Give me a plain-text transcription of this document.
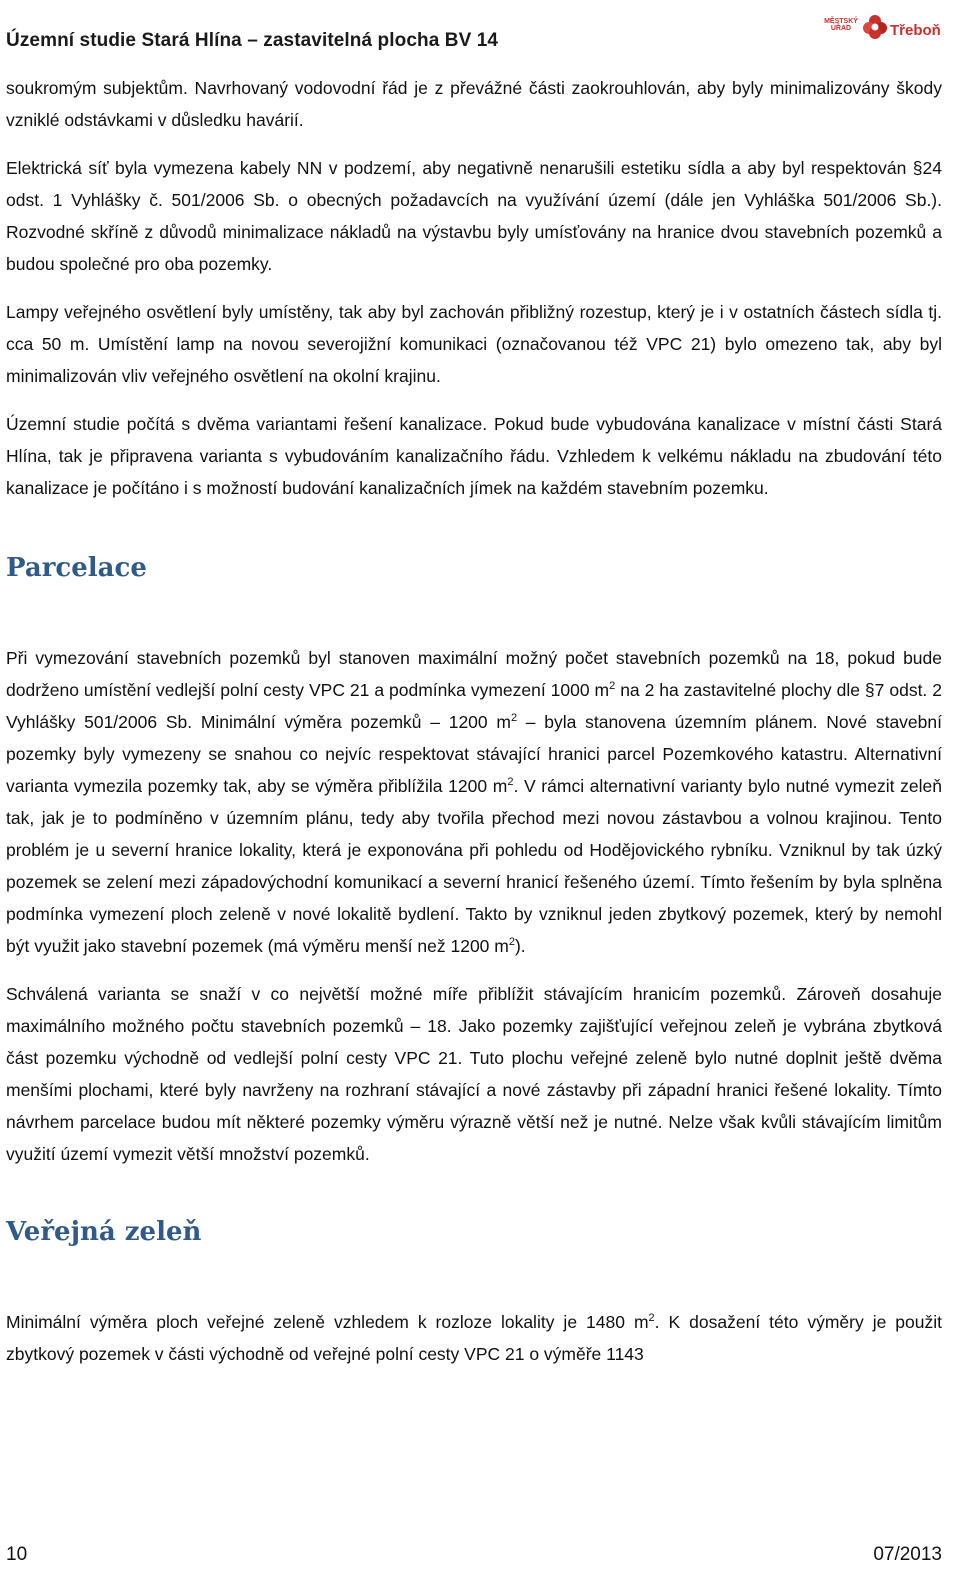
Územní studie Stará Hlína – zastavitelná plocha BV 14
MĚSTSKÝ ÚŘAD	Třeboň

soukromým subjektům. Navrhovaný vodovodní řád je z převážné části zaokrouhlován, aby byly minimalizovány škody vzniklé odstávkami v důsledku havárií.

Elektrická síť byla vymezena kabely NN v podzemí, aby negativně nenarušili estetiku sídla a aby byl respektován §24 odst. 1 Vyhlášky č. 501/2006 Sb. o obecných požadavcích na využívání území (dále jen Vyhláška 501/2006 Sb.). Rozvodné skříně z důvodů minimalizace nákladů na výstavbu byly umísťovány na hranice dvou stavebních pozemků a budou společné pro oba pozemky.

Lampy veřejného osvětlení byly umístěny, tak aby byl zachován přibližný rozestup, který je i v ostatních částech sídla tj. cca 50 m. Umístění lamp na novou severojižní komunikaci (označovanou též VPC 21) bylo omezeno tak, aby byl minimalizován vliv veřejného osvětlení na okolní krajinu.

Územní studie počítá s dvěma variantami řešení kanalizace. Pokud bude vybudována kanalizace v místní části Stará Hlína, tak je připravena varianta s vybudováním kanalizačního řádu. Vzhledem k velkému nákladu na zbudování této kanalizace je počítáno i s možností budování kanalizačních jímek na každém stavebním pozemku.

Parcelace

Při vymezování stavebních pozemků byl stanoven maximální možný počet stavebních pozemků na 18, pokud bude dodrženo umístění vedlejší polní cesty VPC 21 a podmínka vymezení 1000 $m^2$ na 2 ha zastavitelné plochy dle §7 odst. 2 Vyhlášky 501/2006 Sb. Minimální výměra pozemků – 1200 $m^2$ – byla stanovena územním plánem. Nové stavební pozemky byly vymezeny se snahou co nejvíc respektovat stávající hranici parcel Pozemkového katastru. Alternativní varianta vymezila pozemky tak, aby se výměra přiblížila 1200 $m^2$. V rámci alternativní varianty bylo nutné vymezit zeleň tak, jak je to podmíněno v územním plánu, tedy aby tvořila přechod mezi novou zástavbou a volnou krajinou. Tento problém je u severní hranice lokality, která je exponována při pohledu od Hodějovického rybníku. Vzniknul by tak úzký pozemek se zelení mezi západovýchodní komunikací a severní hranicí řešeného území. Tímto řešením by byla splněna podmínka vymezení ploch zeleně v nové lokalitě bydlení. Takto by vzniknul jeden zbytkový pozemek, který by nemohl být využit jako stavební pozemek (má výměru menší než 1200 $m^2$).

Schválená varianta se snaží v co největší možné míře přiblížit stávajícím hranicím pozemků. Zároveň dosahuje maximálního možného počtu stavebních pozemků – 18. Jako pozemky zajišťující veřejnou zeleň je vybrána zbytková část pozemku východně od vedlejší polní cesty VPC 21. Tuto plochu veřejné zeleně bylo nutné doplnit ještě dvěma menšími plochami, které byly navrženy na rozhraní stávající a nové zástavby při západní hranici řešené lokality. Tímto návrhem parcelace budou mít některé pozemky výměru výrazně větší než je nutné. Nelze však kvůli stávajícím limitům využití území vymezit větší množství pozemků.

Veřejná zeleň

Minimální výměra ploch veřejné zeleně vzhledem k rozloze lokality je 1480 $m^2$. K dosažení této výměry je použit zbytkový pozemek v části východně od veřejné polní cesty VPC 21 o výměře 1143

10	07/2013
